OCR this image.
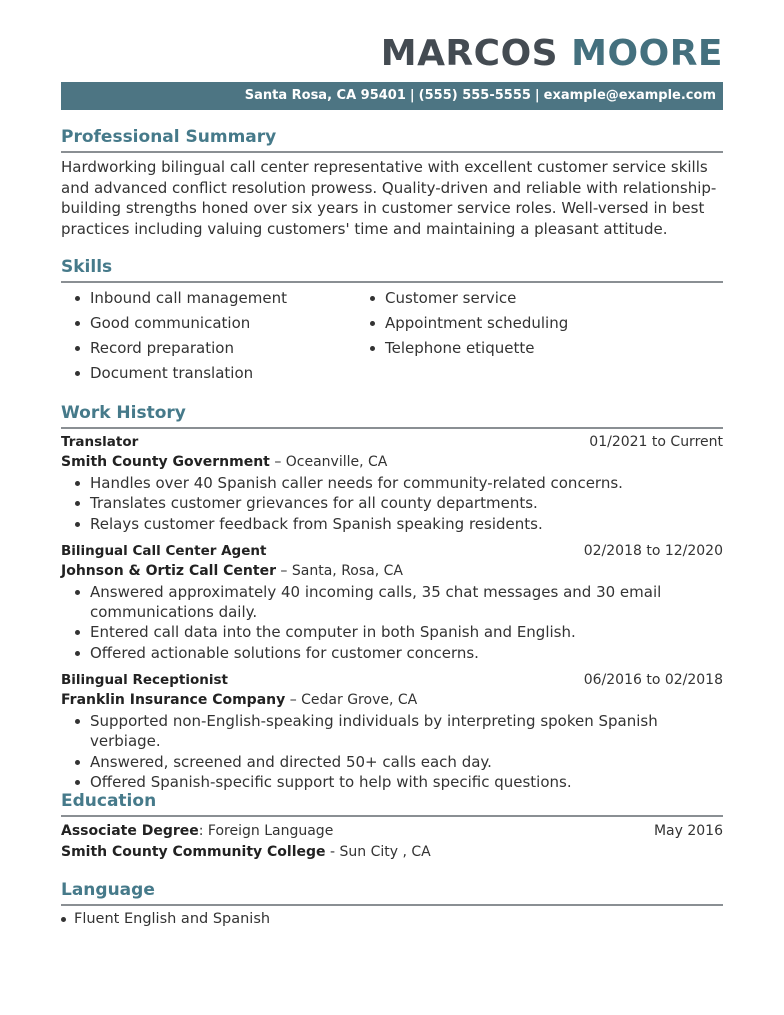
MARCOS MOORE
Santa Rosa, CA 95401 | (555) 555-5555 | example@example.com
Professional Summary

Hardworking bilingual call center representative with excellent customer service skills and advanced conflict resolution prowess. Quality-driven and reliable with relationship-building strengths honed over six years in customer service roles. Well-versed in best practices including valuing customers' time and maintaining a pleasant attitude.

Skills
Inbound call management
Good communication
Record preparation
Document translation
Customer service
Appointment scheduling
Telephone etiquette
Work History
Translator	01/2021 to Current
Smith County Government – Oceanville, CA
Handles over 40 Spanish caller needs for community-related concerns.
Translates customer grievances for all county departments.
Relays customer feedback from Spanish speaking residents.
Bilingual Call Center Agent	02/2018 to 12/2020
Johnson & Ortiz Call Center – Santa, Rosa, CA
Answered approximately 40 incoming calls, 35 chat messages and 30 email communications daily.
Entered call data into the computer in both Spanish and English.
Offered actionable solutions for customer concerns.
Bilingual Receptionist	06/2016 to 02/2018
Franklin Insurance Company – Cedar Grove, CA
Supported non-English-speaking individuals by interpreting spoken Spanish verbiage.
Answered, screened and directed 50+ calls each day.
Offered Spanish-specific support to help with specific questions.
Education
Associate Degree: Foreign Language	May 2016
Smith County Community College - Sun City , CA
Language
Fluent English and Spanish
